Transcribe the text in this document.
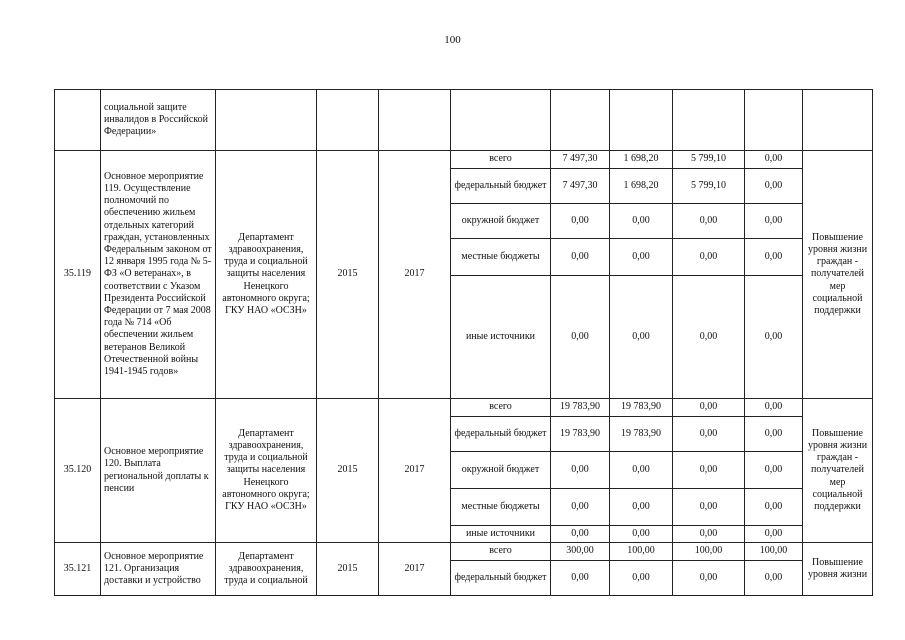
100
	социальной защите инвалидов в Российской Федерации»									
35.119	Основное мероприятие 119. Осуществление полномочий по обеспечению жильем отдельных категорий граждан, установленных Федеральным законом от 12 января 1995 года № 5-ФЗ «О ветеранах», в соответствии с Указом Президента Российской Федерации от 7 мая 2008 года № 714 «Об обеспечении жильем ветеранов Великой Отечественной войны 1941-1945 годов»	Департамент здравоохранения, труда и социальной защиты населения Ненецкого автономного округа; ГКУ НАО «ОСЗН»	2015	2017	всего	7 497,30	1 698,20	5 799,10	0,00	Повышение уровня жизни граждан - получателей мер социальной поддержки
					федеральный бюджет	7 497,30	1 698,20	5 799,10	0,00	
					окружной бюджет	0,00	0,00	0,00	0,00	
					местные бюджеты	0,00	0,00	0,00	0,00	
					иные источники	0,00	0,00	0,00	0,00	
35.120	Основное мероприятие 120. Выплата региональной доплаты к пенсии	Департамент здравоохранения, труда и социальной защиты населения Ненецкого автономного округа; ГКУ НАО «ОСЗН»	2015	2017	всего	19 783,90	19 783,90	0,00	0,00	Повышение уровня жизни граждан - получателей мер социальной поддержки
					федеральный бюджет	19 783,90	19 783,90	0,00	0,00	
					окружной бюджет	0,00	0,00	0,00	0,00	
					местные бюджеты	0,00	0,00	0,00	0,00	
					иные источники	0,00	0,00	0,00	0,00	
35.121	Основное мероприятие 121. Организация доставки и устройство	Департамент здравоохранения, труда и социальной	2015	2017	всего	300,00	100,00	100,00	100,00	Повышение уровня жизни
					федеральный бюджет	0,00	0,00	0,00	0,00	
